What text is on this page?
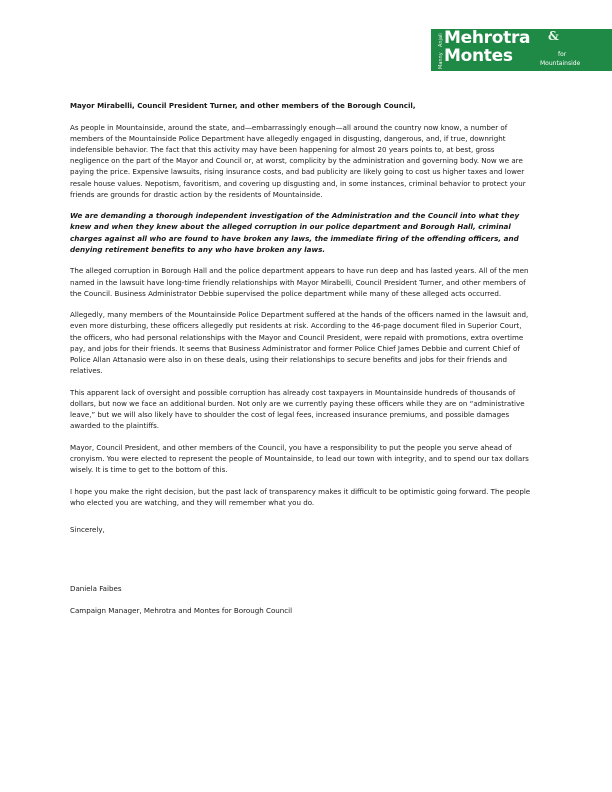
Anjali
Manny
Mehrotra &
Montes	for
Mountainside

Mayor Mirabelli, Council President Turner, and other members of the Borough Council,

As people in Mountainside, around the state, and—embarrassingly enough—all around the country now know, a number of members of the Mountainside Police Department have allegedly engaged in disgusting, dangerous, and, if true, downright indefensible behavior. The fact that this activity may have been happening for almost 20 years points to, at best, gross negligence on the part of the Mayor and Council or, at worst, complicity by the administration and governing body. Now we are paying the price. Expensive lawsuits, rising insurance costs, and bad publicity are likely going to cost us higher taxes and lower resale house values. Nepotism, favoritism, and covering up disgusting and, in some instances, criminal behavior to protect your friends are grounds for drastic action by the residents of Mountainside.

We are demanding a thorough independent investigation of the Administration and the Council into what they knew and when they knew about the alleged corruption in our police department and Borough Hall, criminal charges against all who are found to have broken any laws, the immediate firing of the offending officers, and denying retirement benefits to any who have broken any laws.

The alleged corruption in Borough Hall and the police department appears to have run deep and has lasted years. All of the men named in the lawsuit have long-time friendly relationships with Mayor Mirabelli, Council President Turner, and other members of the Council. Business Administrator Debbie supervised the police department while many of these alleged acts occurred.

Allegedly, many members of the Mountainside Police Department suffered at the hands of the officers named in the lawsuit and, even more disturbing, these officers allegedly put residents at risk. According to the 46-page document filed in Superior Court, the officers, who had personal relationships with the Mayor and Council President, were repaid with promotions, extra overtime pay, and jobs for their friends. It seems that Business Administrator and former Police Chief James Debbie and current Chief of Police Allan Attanasio were also in on these deals, using their relationships to secure benefits and jobs for their friends and relatives.

This apparent lack of oversight and possible corruption has already cost taxpayers in Mountainside hundreds of thousands of dollars, but now we face an additional burden. Not only are we currently paying these officers while they are on “administrative leave,” but we will also likely have to shoulder the cost of legal fees, increased insurance premiums, and possible damages awarded to the plaintiffs.

Mayor, Council President, and other members of the Council, you have a responsibility to put the people you serve ahead of cronyism. You were elected to represent the people of Mountainside, to lead our town with integrity, and to spend our tax dollars wisely. It is time to get to the bottom of this.

I hope you make the right decision, but the past lack of transparency makes it difficult to be optimistic going forward. The people who elected you are watching, and they will remember what you do.

Sincerely,

Daniela Faibes

Campaign Manager, Mehrotra and Montes for Borough Council
